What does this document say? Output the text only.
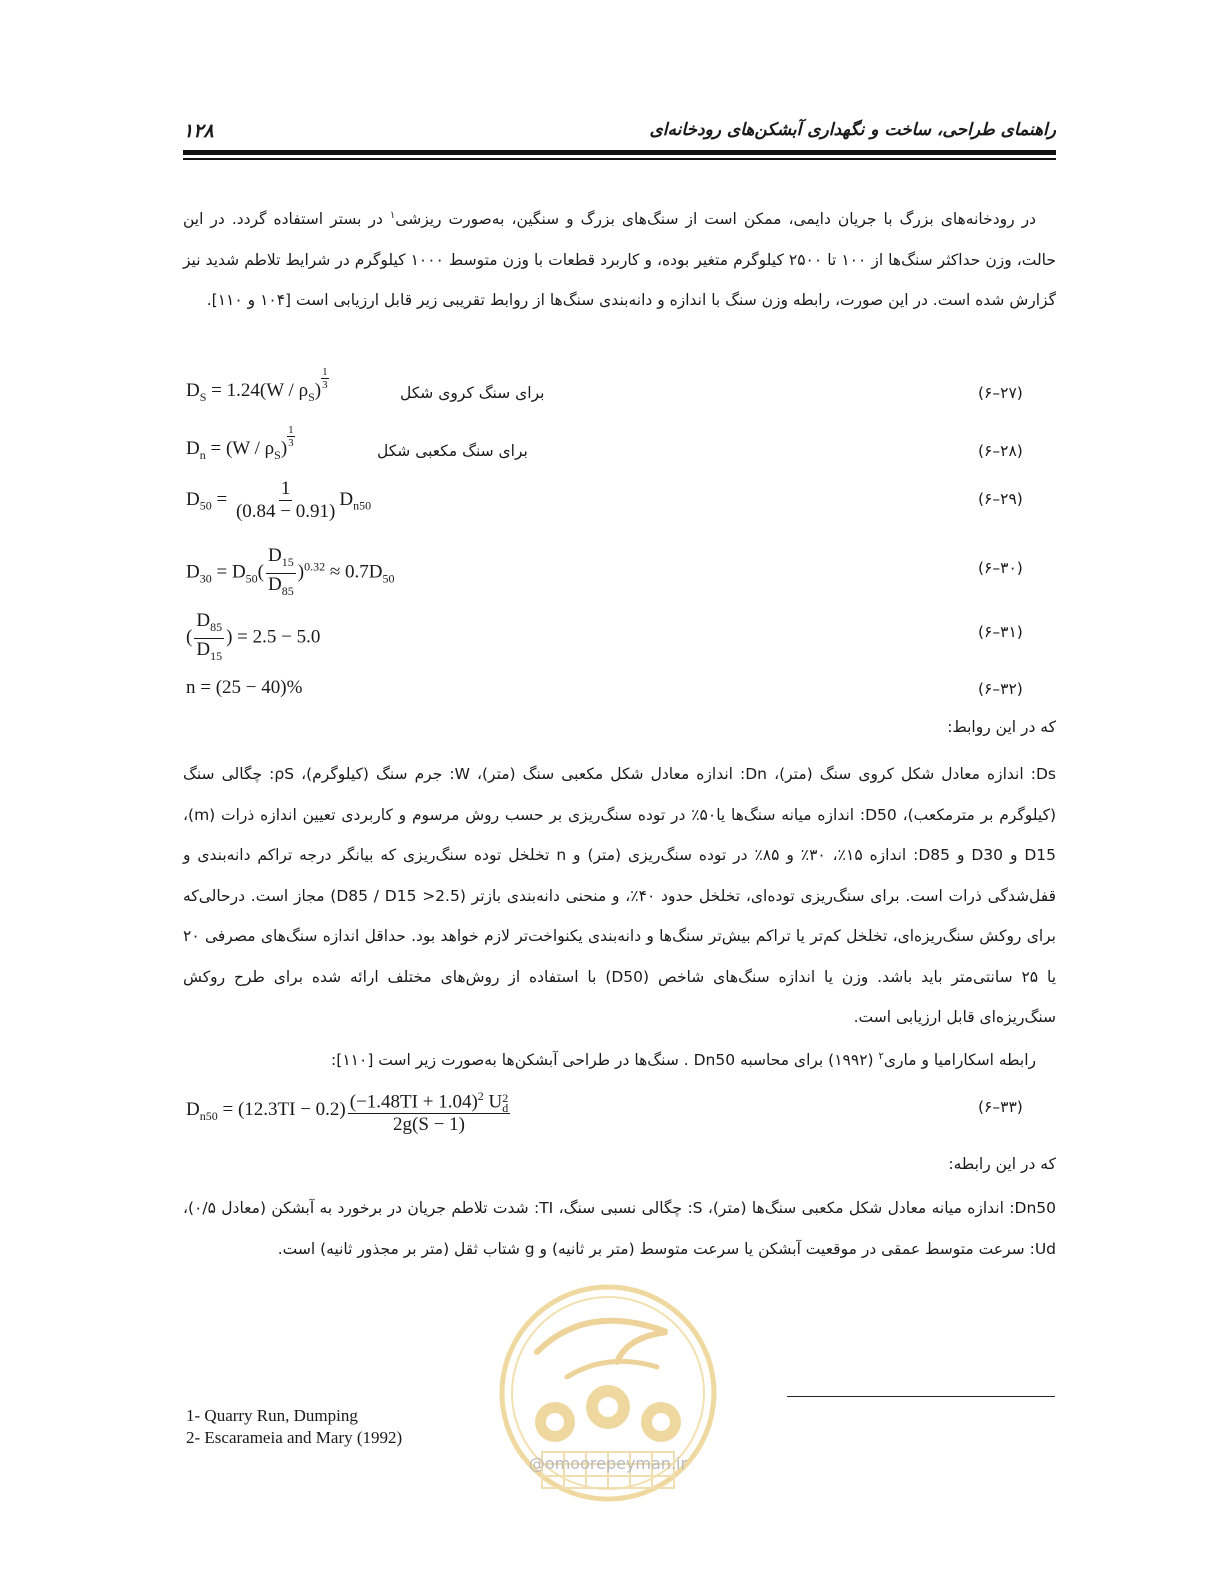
۱۲۸	راهنمای طراحی، ساخت و نگهداری آبشکن‌های رودخانه‌ای

در رودخانه‌های بزرگ با جریان دایمی، ممکن است از سنگ‌های بزرگ و سنگین، به‌صورت ریزشی$^۱$ در بستر استفاده گردد. در این حالت، وزن حداکثر سنگ‌ها از ۱۰۰ تا ۲۵۰۰ کیلوگرم متغیر بوده، و کاربرد قطعات با وزن متوسط ۱۰۰۰ کیلوگرم در شرایط تلاطم شدید نیز گزارش شده است. در این صورت، رابطه وزن سنگ با اندازه و دانه‌بندی سنگ‌ها از روابط تقریبی زیر قابل ارزیابی است [۱۰۴ و ۱۱۰].

$D_S = 1.24(W / \rho_S) \frac{1}{3}$
برای سنگ کروی شکل	(۶–۲۷)
$D_n = (W / \rho_S) \frac{1}{3}$
برای سنگ مکعبی شکل	(۶–۲۸)
$D_{50} = \frac{1}{(0.84 - 0.91)} D_{n50}$	(۶–۲۹)
$D_{30} = D_{50}( \frac{D_{15}}{D_{85}} )^{0.32} \approx 0.7D_{50}$
(۶–۳۰)
( $\frac{D_{85}}{D_{15}}$ ) = 2.5 − 5.0	(۶–۳۱)
n = (25 − 40)%	(۶–۳۲)
که در این روابط:

Ds: اندازه معادل شکل کروی سنگ (متر)، Dn: اندازه معادل شکل مکعبی سنگ (متر)، W: جرم سنگ (کیلوگرم)، ρS: چگالی سنگ (کیلوگرم بر مترمکعب)، D50: اندازه میانه سنگ‌ها یا۵۰٪ در توده سنگ‌ریزی بر حسب روش مرسوم و کاربردی تعیین اندازه ذرات (m)، D15 و D30 و D85: اندازه ۱۵٪، ۳۰٪ و ۸۵٪ در توده سنگ‌ریزی (متر) و n تخلخل توده سنگ‌ریزی که بیانگر درجه تراکم دانه‌بندی و قفل‌شدگی ذرات است. برای سنگ‌ریزی توده‌ای، تخلخل حدود ۴۰٪، و منحنی دانه‌بندی بازتر (D85 / D15 >2.5) مجاز است. درحالی‌که برای روکش سنگ‌ریزه‌ای، تخلخل کم‌تر یا تراکم بیش‌تر سنگ‌ها و دانه‌بندی یکنواخت‌تر لازم خواهد بود. حداقل اندازه سنگ‌های مصرفی ۲۰ یا ۲۵ سانتی‌متر باید باشد. وزن یا اندازه سنگ‌های شاخص (D50) با استفاده از روش‌های مختلف ارائه شده برای طرح روکش سنگ‌ریزه‌ای قابل ارزیابی است.

رابطه اسکارامیا و ماری$^۲$ (۱۹۹۲) برای محاسبه Dn50 . سنگ‌ها در طراحی آبشکن‌ها به‌صورت زیر است [۱۱۰]:

$D_{n50} = (12.3TI - 0.2) (-1.48TI + 1.04)^2$ U 2
d
2g(S − 1)	(۶–۳۳)
که در این رابطه:

Dn50: اندازه میانه معادل شکل مکعبی سنگ‌ها (متر)، S: چگالی نسبی سنگ، TI: شدت تلاطم جریان در برخورد به آبشکن (معادل ۰/۵)، Ud: سرعت متوسط عمقی در موقعیت آبشکن یا سرعت متوسط (متر بر ثانیه) و g شتاب ثقل (متر بر مجذور ثانیه) است.

@omoorepeyman.ir
1- Quarry Run, Dumping
2- Escarameia and Mary (1992)
